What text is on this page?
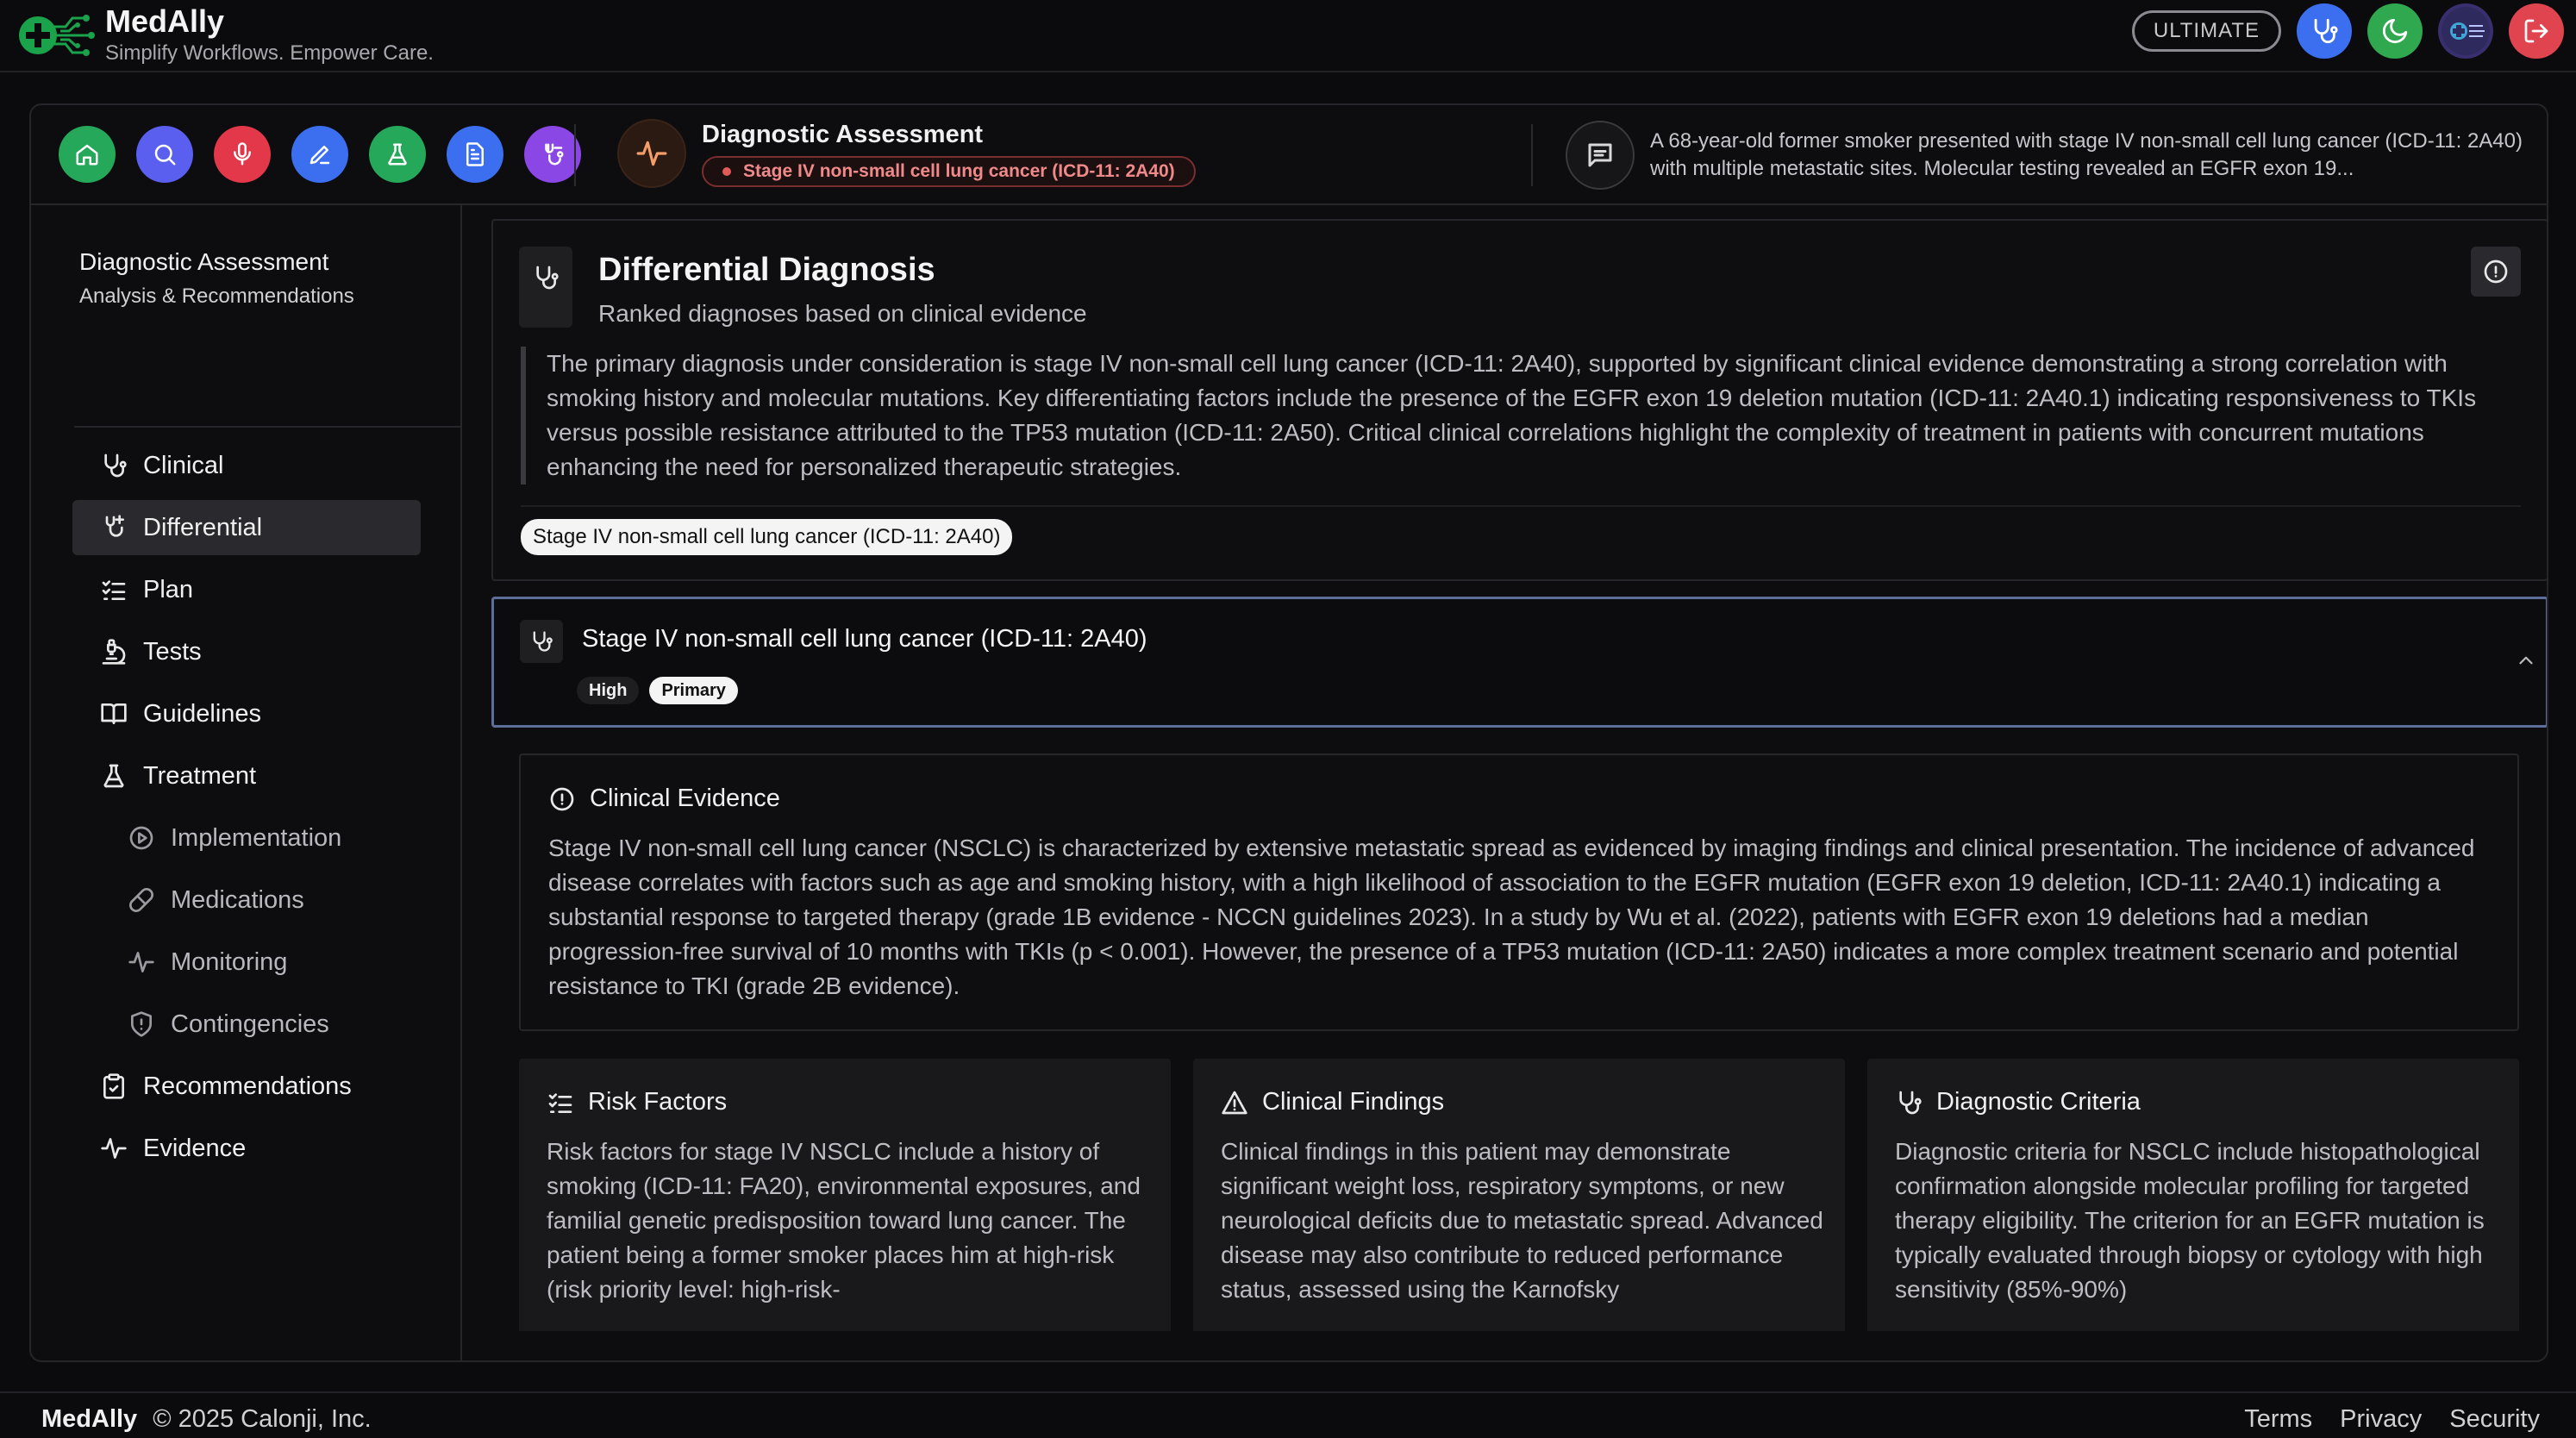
MedAlly
Simplify Workflows. Empower Care.
ULTIMATE
Diagnostic Assessment
Stage IV non-small cell lung cancer (ICD-11: 2A40)
A 68-year-old former smoker presented with stage IV non-small cell lung cancer (ICD-11: 2A40) with multiple metastatic sites. Molecular testing revealed an EGFR exon 19...
Diagnostic Assessment
Analysis & Recommendations
Clinical
Differential
Plan
Tests
Guidelines
Treatment
Implementation
Medications
Monitoring
Contingencies
Recommendations
Evidence
Differential Diagnosis
Ranked diagnoses based on clinical evidence
The primary diagnosis under consideration is stage IV non-small cell lung cancer (ICD-11: 2A40), supported by significant clinical evidence demonstrating a strong correlation with smoking history and molecular mutations. Key differentiating factors include the presence of the EGFR exon 19 deletion mutation (ICD-11: 2A40.1) indicating responsiveness to TKIs versus possible resistance attributed to the TP53 mutation (ICD-11: 2A50). Critical clinical correlations highlight the complexity of treatment in patients with concurrent mutations enhancing the need for personalized therapeutic strategies.
Stage IV non-small cell lung cancer (ICD-11: 2A40)
Stage IV non-small cell lung cancer (ICD-11: 2A40)
High	Primary
Clinical Evidence
Stage IV non-small cell lung cancer (NSCLC) is characterized by extensive metastatic spread as evidenced by imaging findings and clinical presentation. The incidence of advanced disease correlates with factors such as age and smoking history, with a high likelihood of association to the EGFR mutation (EGFR exon 19 deletion, ICD-11: 2A40.1) indicating a substantial response to targeted therapy (grade 1B evidence - NCCN guidelines 2023). In a study by Wu et al. (2022), patients with EGFR exon 19 deletions had a median progression-free survival of 10 months with TKIs (p < 0.001). However, the presence of a TP53 mutation (ICD-11: 2A50) indicates a more complex treatment scenario and potential resistance to TKI (grade 2B evidence).
Risk Factors
Risk factors for stage IV NSCLC include a history of smoking (ICD-11: FA20), environmental exposures, and familial genetic predisposition toward lung cancer. The patient being a former smoker places him at high-risk (risk priority level: high-risk-
Clinical Findings
Clinical findings in this patient may demonstrate significant weight loss, respiratory symptoms, or new neurological deficits due to metastatic spread. Advanced disease may also contribute to reduced performance status, assessed using the Karnofsky
Diagnostic Criteria
Diagnostic criteria for NSCLC include histopathological confirmation alongside molecular profiling for targeted therapy eligibility. The criterion for an EGFR mutation is typically evaluated through biopsy or cytology with high sensitivity (85%-90%)
MedAlly © 2025 Calonji, Inc.	Terms Privacy Security
